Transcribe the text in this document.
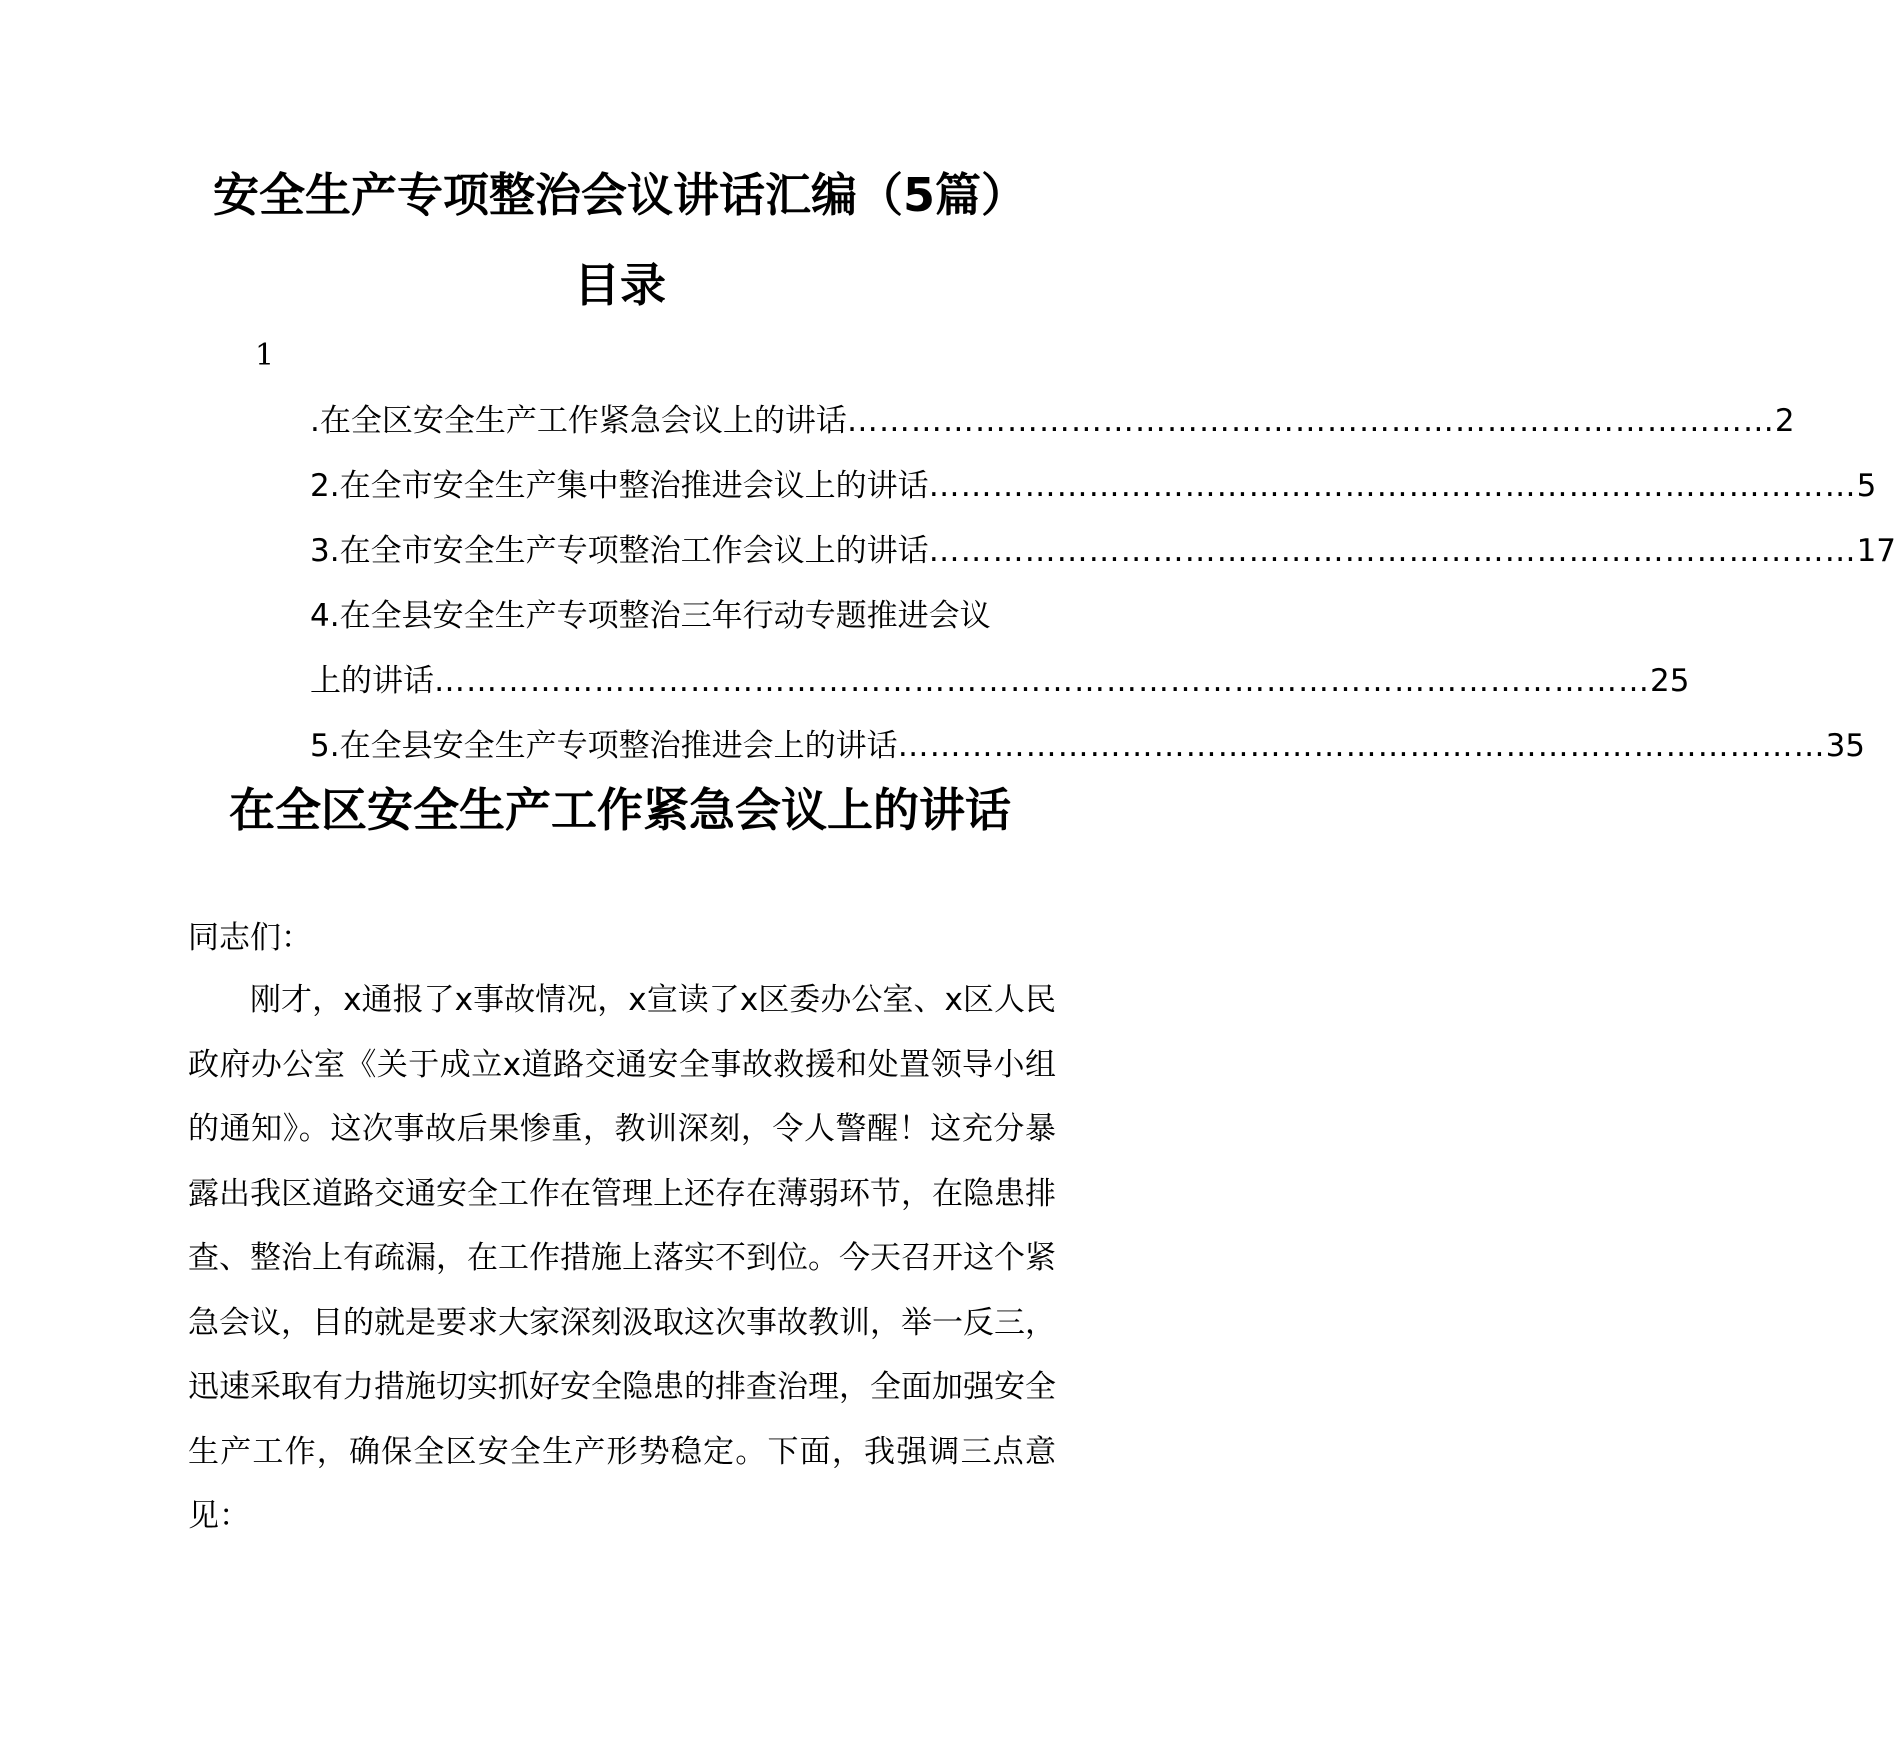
安全生产专项整治会议讲话汇编（5篇）
目录
1
.在全区安全生产工作紧急会议上的讲话 …………………………………………………………………………… 2
2.在全市安全生产集中整治推进会议上的讲话 …………………………………………………………………………… 5
3.在全市安全生产专项整治工作会议上的讲话 …………………………………………………………………………… 17
4.在全县安全生产专项整治三年行动专题推进会议
上的讲话 …………………………………………………………………………………………………… 25
5.在全县安全生产专项整治推进会上的讲话 …………………………………………………………………………… 35
在全区安全生产工作紧急会议上的讲话
同志们：
刚才，x通报了x事故情况，x宣读了x区委办公室、x区人民政府办公室《关于成立x道路交通安全事故救援和处置领导小组的通知》。这次事故后果惨重，教训深刻，令人警醒！这充分暴露出我区道路交通安全工作在管理上还存在薄弱环节，在隐患排查、整治上有疏漏，在工作措施上落实不到位。今天召开这个紧急会议，目的就是要求大家深刻汲取这次事故教训，举一反三，迅速采取有力措施切实抓好安全隐患的排查治理，全面加强安全生产工作，确保全区安全生产形势稳定。下面，我强调三点意见：
